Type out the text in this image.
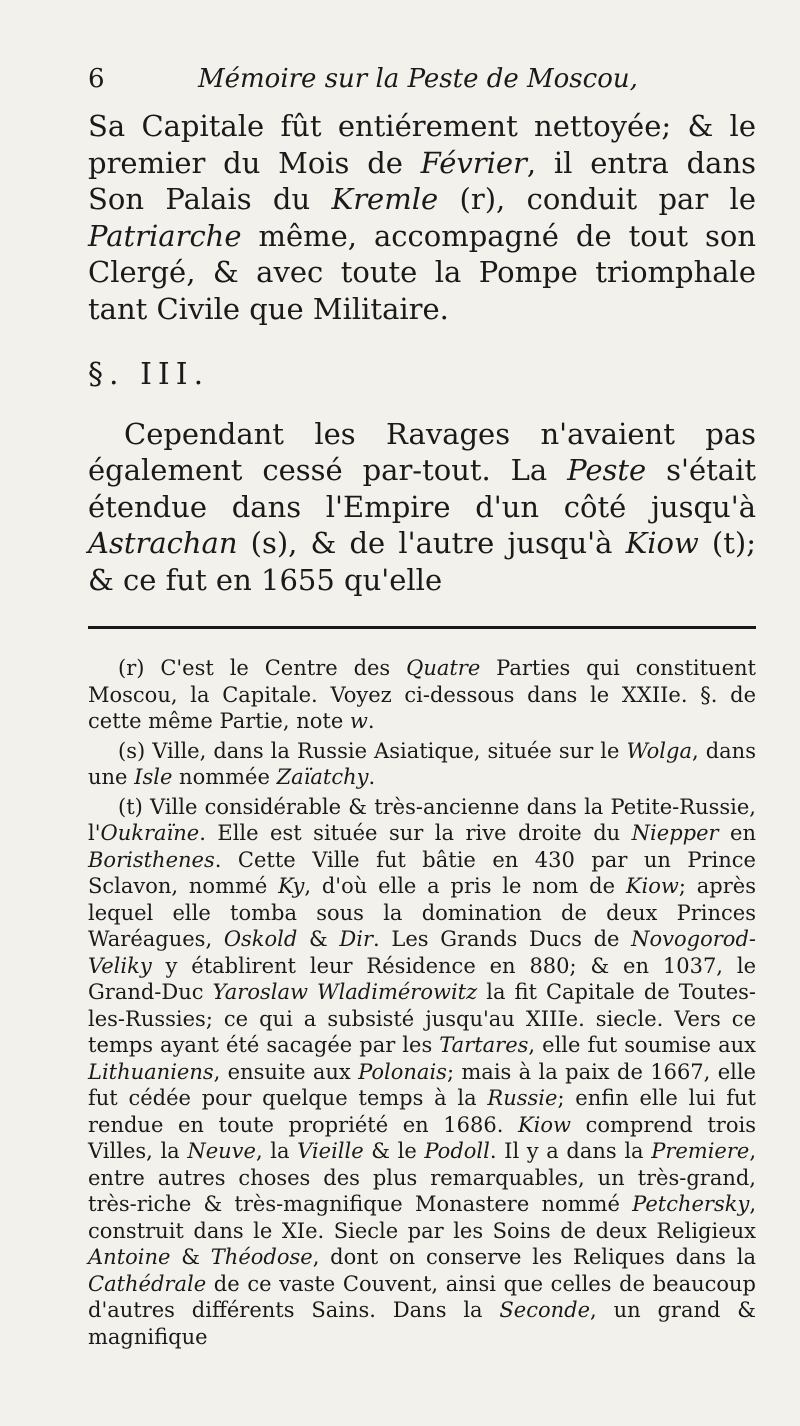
6	Mémoire sur la Peste de Moscou,

Sa Capitale fût entiérement nettoyée; & le premier du Mois de Février, il entra dans Son Palais du Kremle (r), conduit par le Patriarche même, accompagné de tout son Clergé, & avec toute la Pompe triomphale tant Civile que Militaire.

§. III.

Cependant les Ravages n'avaient pas également cessé par-tout. La Peste s'était étendue dans l'Empire d'un côté jusqu'à Astrachan (s), & de l'autre jusqu'à Kiow (t); & ce fut en 1655 qu'elle

(r) C'est le Centre des Quatre Parties qui constituent Moscou, la Capitale. Voyez ci-dessous dans le XXIIe. §. de cette même Partie, note w.

(s) Ville, dans la Russie Asiatique, située sur le Wolga, dans une Isle nommée Zaïatchy.

(t) Ville considérable & très-ancienne dans la Petite-Russie, l'Oukraïne. Elle est située sur la rive droite du Niepper en Boristhenes. Cette Ville fut bâtie en 430 par un Prince Sclavon, nommé Ky, d'où elle a pris le nom de Kiow; après lequel elle tomba sous la domination de deux Princes Waréagues, Oskold & Dir. Les Grands Ducs de Novogorod-Veliky y établirent leur Résidence en 880; & en 1037, le Grand-Duc Yaroslaw Wladimérowitz la fit Capitale de Toutes-les-Russies; ce qui a subsisté jusqu'au XIIIe. siecle. Vers ce temps ayant été sacagée par les Tartares, elle fut soumise aux Lithuaniens, ensuite aux Polonais; mais à la paix de 1667, elle fut cédée pour quelque temps à la Russie; enfin elle lui fut rendue en toute propriété en 1686. Kiow comprend trois Villes, la Neuve, la Vieille & le Podoll. Il y a dans la Premiere, entre autres choses des plus remarquables, un très-grand, très-riche & très-magnifique Monastere nommé Petchersky, construit dans le XIe. Siecle par les Soins de deux Religieux Antoine & Théodose, dont on conserve les Reliques dans la Cathédrale de ce vaste Couvent, ainsi que celles de beaucoup d'autres différents Sains. Dans la Seconde, un grand & magnifique
